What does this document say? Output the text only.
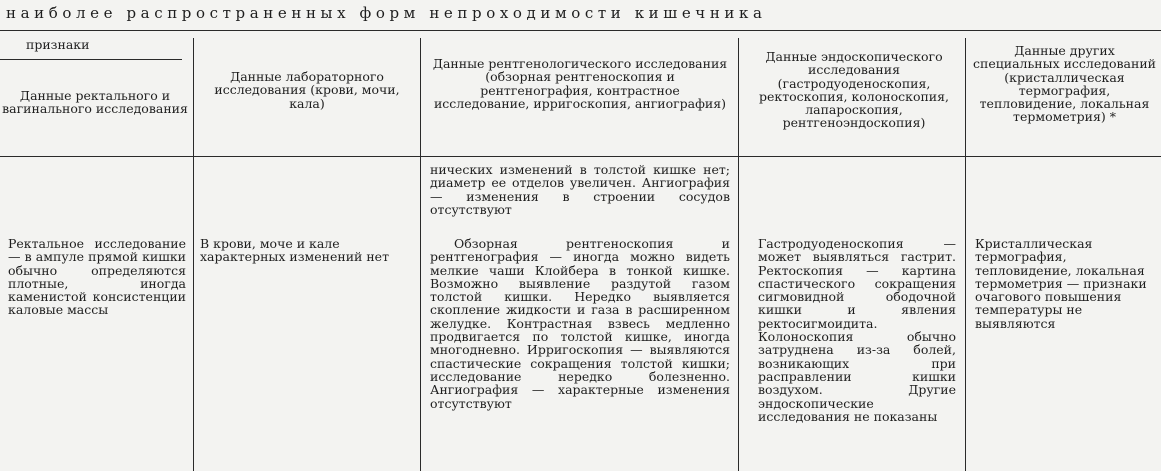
наиболее распространенных форм непроходимости кишечника
признаки
Данные ректального и вагинального исследования
Данные лабораторного исследования (крови, мочи, кала)
Данные рентгенологического исследования (обзорная рентгеноскопия и рентгенография, контрастное исследование, ирригоскопия, ангиография)
Данные эндоскопического исследования (гастродуоденоскопия, ректоскопия, колоноскопия, лапароскопия, рентгеноэндоскопия)
Данные других специальных исследований (кристаллическая термография, тепловидение, локальная термометрия) *
Ректальное исследование — в ампуле прямой кишки обычно определяются плотные, иногда каменистой консистенции каловые массы
В крови, моче и кале характерных изменений нет
нических изменений в толстой кишке нет; диаметр ее отделов увеличен. Ангиография — изменения в строении сосудов отсутствуют
Обзорная рентгеноскопия и рентгенография — иногда можно видеть мелкие чаши Клойбера в тонкой кишке. Возможно выявление раздутой газом толстой кишки. Нередко выявляется скопление жидкости и газа в расширенном желудке. Контрастная взвесь медленно продвигается по толстой кишке, иногда многодневно. Ирригоскопия — выявляются спастические сокращения толстой кишки; исследование нередко болезненно. Ангиография — характерные изменения отсутствуют
Гастродуоденоскопия — может выявляться гастрит. Ректоскопия — картина спастического сокращения сигмовидной ободочной кишки и явления ректосигмоидита. Колоноскопия обычно затруднена из-за болей, возникающих при расправлении кишки воздухом. Другие эндоскопические исследования не показаны
Кристаллическая термография, тепловидение, локальная термометрия — признаки очагового повышения температуры не выявляются
